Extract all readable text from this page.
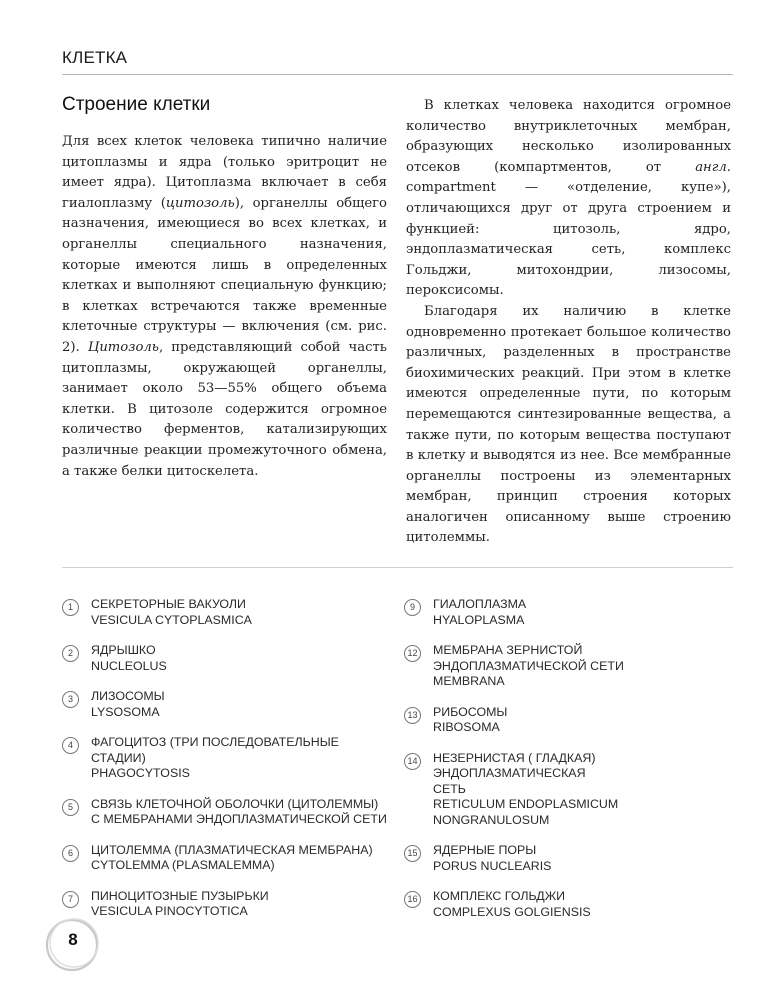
КЛЕТКА
Строение клетки

Для всех клеток человека типично наличие цитоплазмы и ядра (только эритроцит не имеет ядра). Цитоплазма включает в себя гиалоплазму (цитозоль), органеллы общего назначения, имеющиеся во всех клетках, и органеллы специального назначения, которые имеются лишь в определенных клетках и выполняют специальную функцию; в клетках встречаются также временные клеточные структуры — включения (см. рис. 2). Цитозоль, представляющий собой часть цитоплазмы, окружающей органеллы, занимает около 53—55% общего объема клетки. В цитозоле содержится огромное количество ферментов, катализирующих различные реакции промежуточного обмена, а также белки цитоскелета.

В клетках человека находится огромное количество внутриклеточных мембран, образующих несколько изолированных отсеков (компартментов, от англ. compartment — «отделение, купе»), отличающихся друг от друга строением и функцией: цитозоль, ядро, эндоплазматическая сеть, комплекс Гольджи, митохондрии, лизосомы, пероксисомы.

Благодаря их наличию в клетке одновременно протекает большое количество различных, разделенных в пространстве биохимических реакций. При этом в клетке имеются определенные пути, по которым перемещаются синтезированные вещества, а также пути, по которым вещества поступают в клетку и выводятся из нее. Все мембранные органеллы построены из элементарных мембран, принцип строения которых аналогичен описанному выше строению цитолеммы.

1	СЕКРЕТОРНЫЕ ВАКУОЛИ
VESICULA CYTOPLASMICA
2	ЯДРЫШКО
NUCLEOLUS
3	ЛИЗОСОМЫ
LYSOSOMA
4	ФАГОЦИТОЗ (ТРИ ПОСЛЕДОВАТЕЛЬНЫЕ СТАДИИ)
PHAGOCYTOSIS
5	СВЯЗЬ КЛЕТОЧНОЙ ОБОЛОЧКИ (ЦИТОЛЕММЫ)
С МЕМБРАНАМИ ЭНДОПЛАЗМАТИЧЕСКОЙ СЕТИ
6	ЦИТОЛЕММА (ПЛАЗМАТИЧЕСКАЯ МЕМБРАНА)
CYTOLEMMA (PLASMALEMMA)
7	ПИНОЦИТОЗНЫЕ ПУЗЫРЬКИ
VESICULA PINOCYTOTICA
9	ГИАЛОПЛАЗМА
HYALOPLASMA
12 МЕМБРАНА ЗЕРНИСТОЙ ЭНДОПЛАЗМАТИЧЕСКОЙ СЕТИ
MEMBRANA
13 РИБОСОМЫ
RIBOSOMA
14 НЕЗЕРНИСТАЯ ( ГЛАДКАЯ) ЭНДОПЛАЗМАТИЧЕСКАЯ
СЕТЬ
RETICULUM ENDOPLASMICUM NONGRANULOSUM
15 ЯДЕРНЫЕ ПОРЫ
PORUS NUCLEARIS
16 КОМПЛЕКС ГОЛЬДЖИ
COMPLEXUS GOLGIENSIS
8
